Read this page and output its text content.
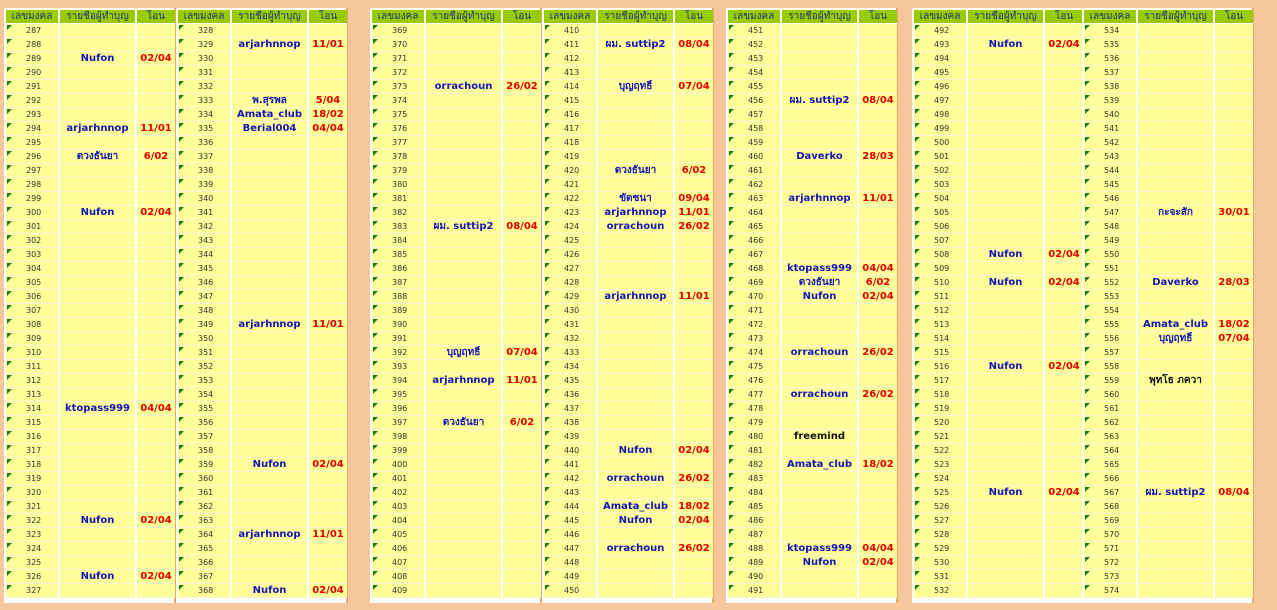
เลขมงคล	รายชื่อผู้ทำบุญ	โอน
287
288
289	Nufon	02/04
290
291
292
293
294	arjarhnnop	11/01
295
296	ตวงธันยา	6/02
297
298
299
300	Nufon	02/04
301
302
303
304
305
306
307
308
309
310
311
312
313
314	ktopass999	04/04
315
316
317
318
319
320
321
322	Nufon	02/04
323
324
325
326	Nufon	02/04
327
เลขมงคล	รายชื่อผู้ทำบุญ	โอน
328
329	arjarhnnop	11/01
330
331
332
333	พ.สุรพล	5/04
334	Amata_club	18/02
335	Berial004	04/04
336
337
338
339
340
341
342
343
344
345
346
347
348
349	arjarhnnop	11/01
350
351
352
353
354
355
356
357
358
359	Nufon	02/04
360
361
362
363
364	arjarhnnop	11/01
365
366
367
368	Nufon	02/04
เลขมงคล	รายชื่อผู้ทำบุญ	โอน
369
370
371
372
373	orrachoun	26/02
374
375
376
377
378
379
380
381
382
383	ผม. suttip2	08/04
384
385
386
387
388
389
390
391
392	บุญฤทธิ์	07/04
393
394	arjarhnnop	11/01
395
396
397	ตวงธันยา	6/02
398
399
400
401
402
403
404
405
406
407
408
409
เลขมงคล	รายชื่อผู้ทำบุญ	โอน
410
411	ผม. suttip2	08/04
412
413
414	บุญฤทธิ์	07/04
415
416
417
418
419
420	ตวงธันยา	6/02
421
422	ขัตชนา	09/04
423	arjarhnnop	11/01
424	orrachoun	26/02
425
426
427
428
429	arjarhnnop	11/01
430
431
432
433
434
435
436
437
438
439
440	Nufon	02/04
441
442	orrachoun	26/02
443
444	Amata_club	18/02
445	Nufon	02/04
446
447	orrachoun	26/02
448
449
450
เลขมงคล	รายชื่อผู้ทำบุญ	โอน
451
452
453
454
455
456	ผม. suttip2	08/04
457
458
459
460	Daverko	28/03
461
462
463	arjarhnnop	11/01
464
465
466
467
468	ktopass999	04/04
469	ตวงธันยา	6/02
470	Nufon	02/04
471
472
473
474	orrachoun	26/02
475
476
477	orrachoun	26/02
478
479
480	freemind
481
482	Amata_club	18/02
483
484
485
486
487
488	ktopass999	04/04
489	Nufon	02/04
490
491
เลขมงคล	รายชื่อผู้ทำบุญ	โอน
492
493	Nufon	02/04
494
495
496
497
498
499
500
501
502
503
504
505
506
507
508	Nufon	02/04
509
510	Nufon	02/04
511
512
513
514
515
516	Nufon	02/04
517
518
519
520
521
522
523
524
525	Nufon	02/04
526
527
528
529
530
531
532
เลขมงคล	รายชื่อผู้ทำบุญ	โอน
534
535
536
537
538
539
540
541
542
543
544
545
546
547	กะจะสัก	30/01
548
549
550
551
552	Daverko	28/03
553
554
555	Amata_club	18/02
556	บุญฤทธิ์	07/04
557
558
559	พุทโธ ภควา
560
561
562
563
564
565
566
567	ผม. suttip2	08/04
568
569
570
571
572
573
574
